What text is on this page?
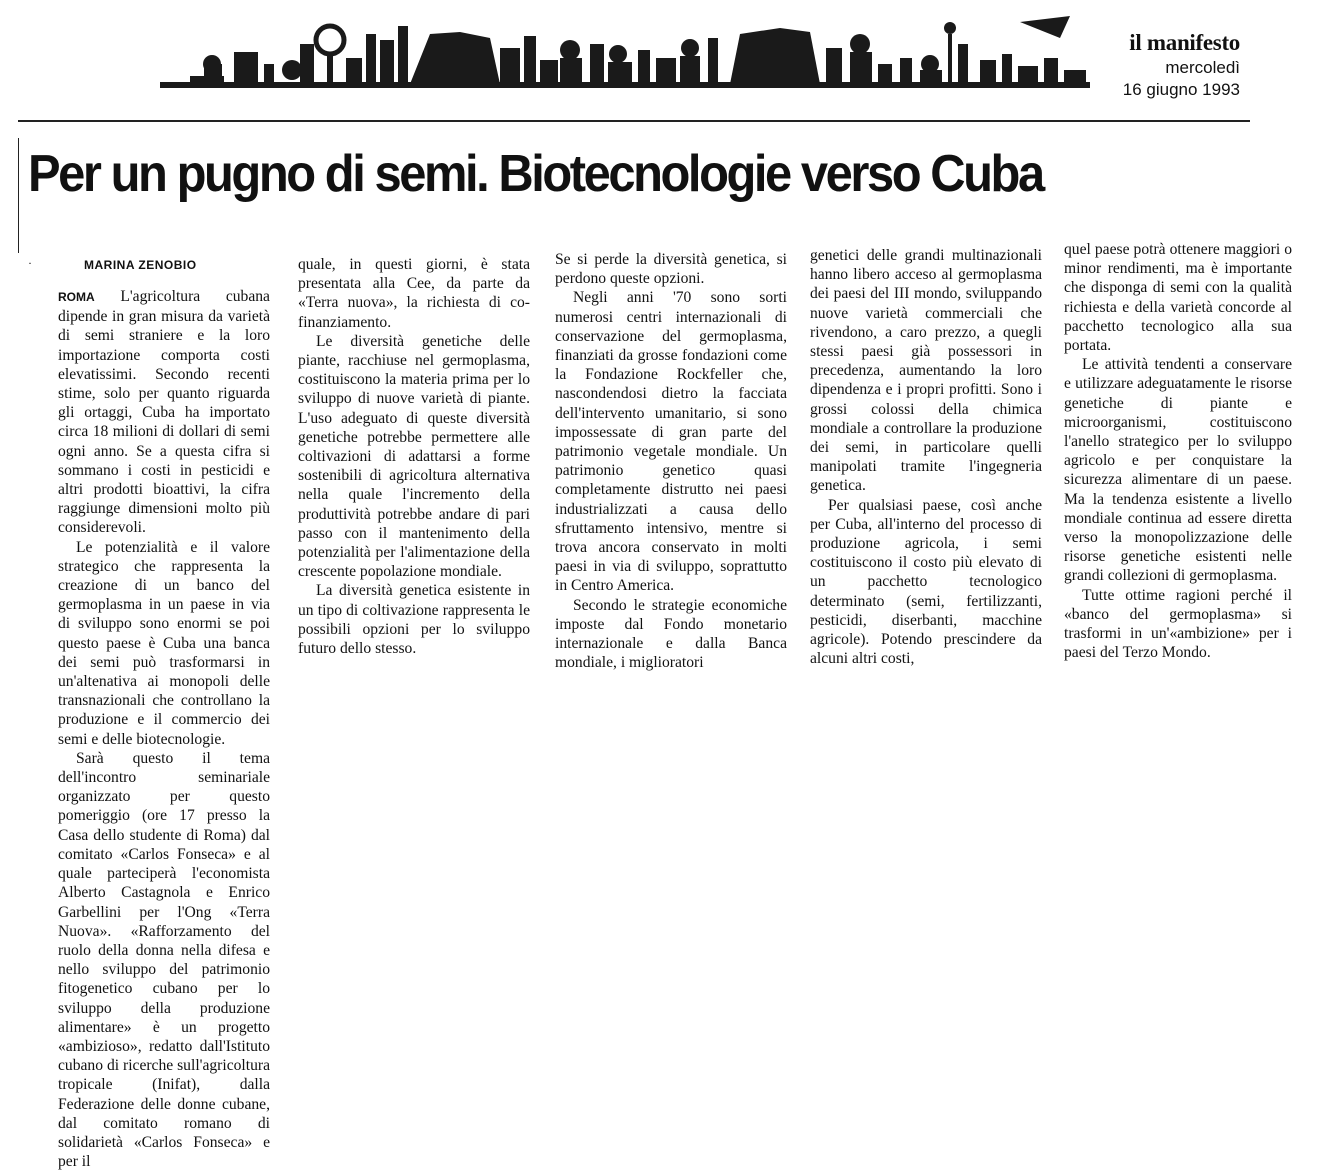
il manifesto
mercoledì
16 giugno 1993
Per un pugno di semi. Biotecnologie verso Cuba
·	MARINA ZENOBIO

ROMA L'agricoltura cubana dipende in gran misura da varietà di semi straniere e la loro importazione comporta costi elevatissimi. Secondo recenti stime, solo per quanto riguarda gli ortaggi, Cuba ha importato circa 18 milioni di dollari di semi ogni anno. Se a questa cifra si sommano i costi in pesticidi e altri prodotti bioattivi, la cifra raggiunge dimensioni molto più considerevoli.

Le potenzialità e il valore strategico che rappresenta la creazione di un banco del germoplasma in un paese in via di sviluppo sono enormi se poi questo paese è Cuba una banca dei semi può trasformarsi in un'altenativa ai monopoli delle transnazionali che controllano la produzione e il commercio dei semi e delle biotecnologie.

Sarà questo il tema dell'incontro seminariale organizzato per questo pomeriggio (ore 17 presso la Casa dello studente di Roma) dal comitato «Carlos Fonseca» e al quale parteciperà l'economista Alberto Castagnola e Enrico Garbellini per l'Ong «Terra Nuova». «Rafforzamento del ruolo della donna nella difesa e nello sviluppo del patrimonio fitogenetico cubano per lo sviluppo della produzione alimentare» è un progetto «ambizioso», redatto dall'Istituto cubano di ricerche sull'agricoltura tropicale (Inifat), dalla Federazione delle donne cubane, dal comitato romano di solidarietà «Carlos Fonseca» e per il

quale, in questi giorni, è stata presentata alla Cee, da parte da «Terra nuova», la richiesta di co-finanziamento.

Le diversità genetiche delle piante, racchiuse nel germoplasma, costituiscono la materia prima per lo sviluppo di nuove varietà di piante. L'uso adeguato di queste diversità genetiche potrebbe permettere alle coltivazioni di adattarsi a forme sostenibili di agricoltura alternativa nella quale l'incremento della produttività potrebbe andare di pari passo con il mantenimento della potenzialità per l'alimentazione della crescente popolazione mondiale.

La diversità genetica esistente in un tipo di coltivazione rappresenta le possibili opzioni per lo sviluppo futuro dello stesso.

Se si perde la diversità genetica, si perdono queste opzioni.

Negli anni '70 sono sorti numerosi centri internazionali di conservazione del germoplasma, finanziati da grosse fondazioni come la Fondazione Rockfeller che, nascondendosi dietro la facciata dell'intervento umanitario, si sono impossessate di gran parte del patrimonio vegetale mondiale. Un patrimonio genetico quasi completamente distrutto nei paesi industrializzati a causa dello sfruttamento intensivo, mentre si trova ancora conservato in molti paesi in via di sviluppo, soprattutto in Centro America.

Secondo le strategie economiche imposte dal Fondo monetario internazionale e dalla Banca mondiale, i miglioratori

genetici delle grandi multinazionali hanno libero acceso al germoplasma dei paesi del III mondo, sviluppando nuove varietà commerciali che rivendono, a caro prezzo, a quegli stessi paesi già possessori in precedenza, aumentando la loro dipendenza e i propri profitti. Sono i grossi colossi della chimica mondiale a controllare la produzione dei semi, in particolare quelli manipolati tramite l'ingegneria genetica.

Per qualsiasi paese, così anche per Cuba, all'interno del processo di produzione agricola, i semi costituiscono il costo più elevato di un pacchetto tecnologico determinato (semi, fertilizzanti, pesticidi, diserbanti, macchine agricole). Potendo prescindere da alcuni altri costi,

quel paese potrà ottenere maggiori o minor rendimenti, ma è importante che disponga di semi con la qualità richiesta e della varietà concorde al pacchetto tecnologico alla sua portata.

Le attività tendenti a conservare e utilizzare adeguatamente le risorse genetiche di piante e microorganismi, costituiscono l'anello strategico per lo sviluppo agricolo e per conquistare la sicurezza alimentare di un paese. Ma la tendenza esistente a livello mondiale continua ad essere diretta verso la monopolizzazione delle risorse genetiche esistenti nelle grandi collezioni di germoplasma.

Tutte ottime ragioni perché il «banco del germoplasma» si trasformi in un'«ambizione» per i paesi del Terzo Mondo.
